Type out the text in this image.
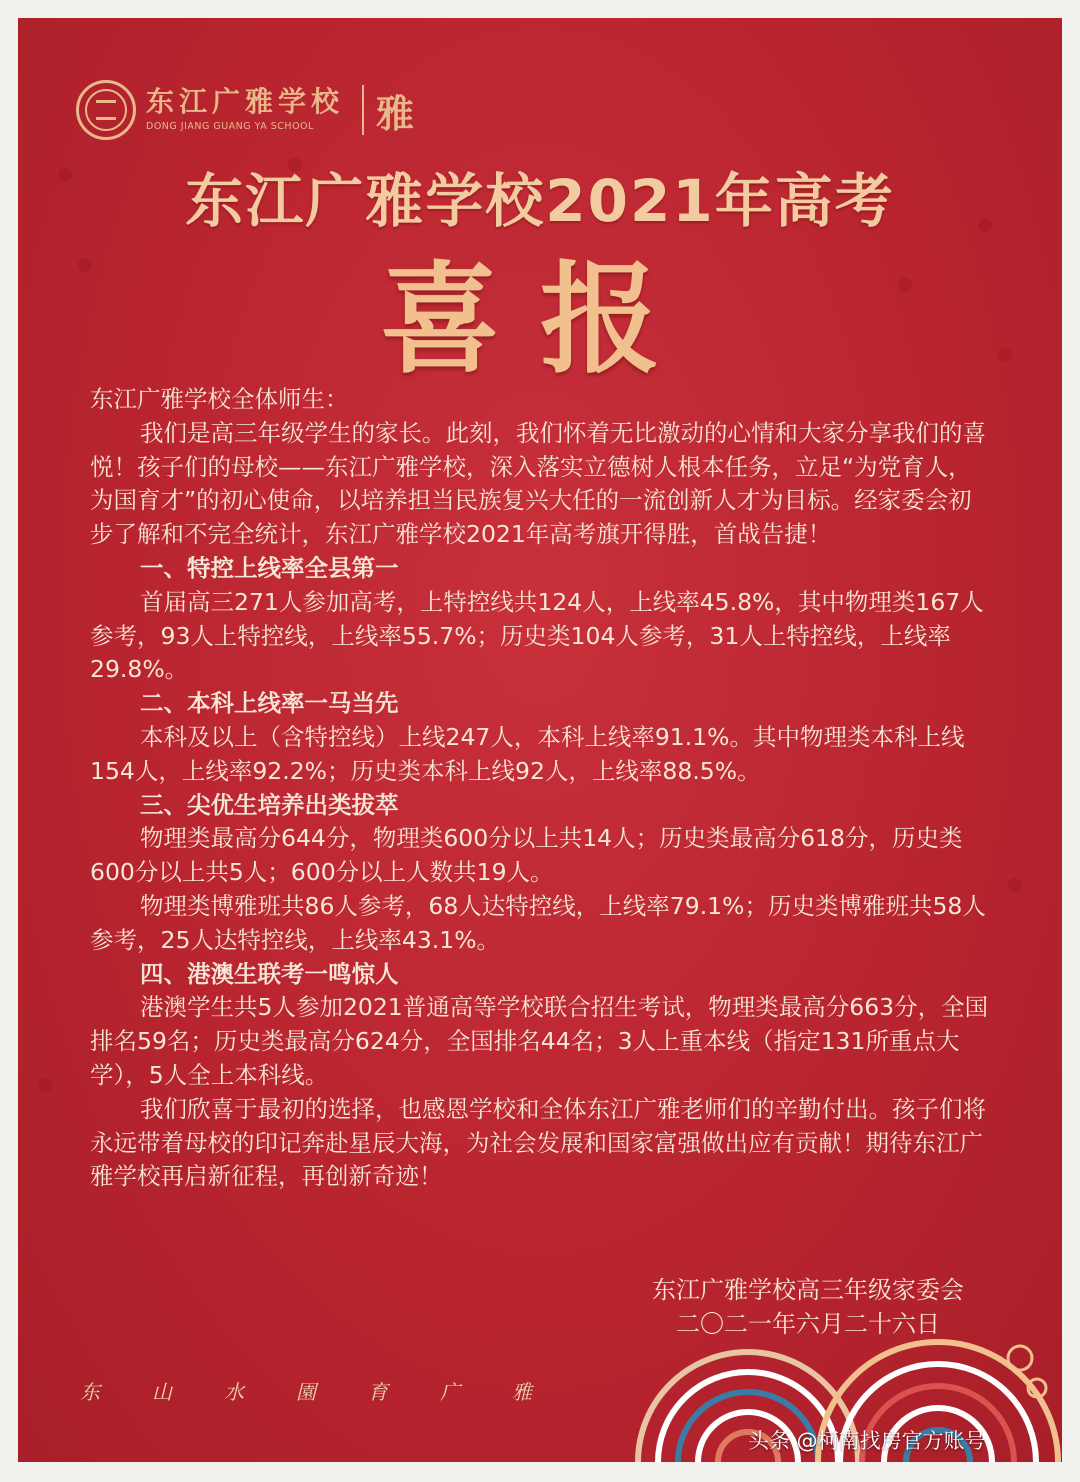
东江广雅学校
DONG JIANG GUANG YA SCHOOL	雅
东江广雅学校2021年高考
喜报

东江广雅学校全体师生：

我们是高三年级学生的家长。此刻，我们怀着无比激动的心情和大家分享我们的喜悦！孩子们的母校——东江广雅学校，深入落实立德树人根本任务，立足“为党育人，为国育才”的初心使命，以培养担当民族复兴大任的一流创新人才为目标。经家委会初步了解和不完全统计，东江广雅学校2021年高考旗开得胜，首战告捷！

一、特控上线率全县第一

首届高三271人参加高考，上特控线共124人，上线率45.8%，其中物理类167人参考，93人上特控线，上线率55.7%；历史类104人参考，31人上特控线，上线率29.8%。

二、本科上线率一马当先

本科及以上（含特控线）上线247人，本科上线率91.1%。其中物理类本科上线154人，上线率92.2%；历史类本科上线92人，上线率88.5%。

三、尖优生培养出类拔萃

物理类最高分644分，物理类600分以上共14人；历史类最高分618分，历史类600分以上共5人；600分以上人数共19人。

物理类博雅班共86人参考，68人达特控线，上线率79.1%；历史类博雅班共58人参考，25人达特控线，上线率43.1%。

四、港澳生联考一鸣惊人

港澳学生共5人参加2021普通高等学校联合招生考试，物理类最高分663分，全国排名59名；历史类最高分624分，全国排名44名；3人上重本线（指定131所重点大学），5人全上本科线。

我们欣喜于最初的选择，也感恩学校和全体东江广雅老师们的辛勤付出。孩子们将永远带着母校的印记奔赴星辰大海，为社会发展和国家富强做出应有贡献！期待东江广雅学校再启新征程，再创新奇迹！

东江广雅学校高三年级家委会
二〇二一年六月二十六日
东	山	水	園	育	广	雅
头条 @柯南找房官方账号
